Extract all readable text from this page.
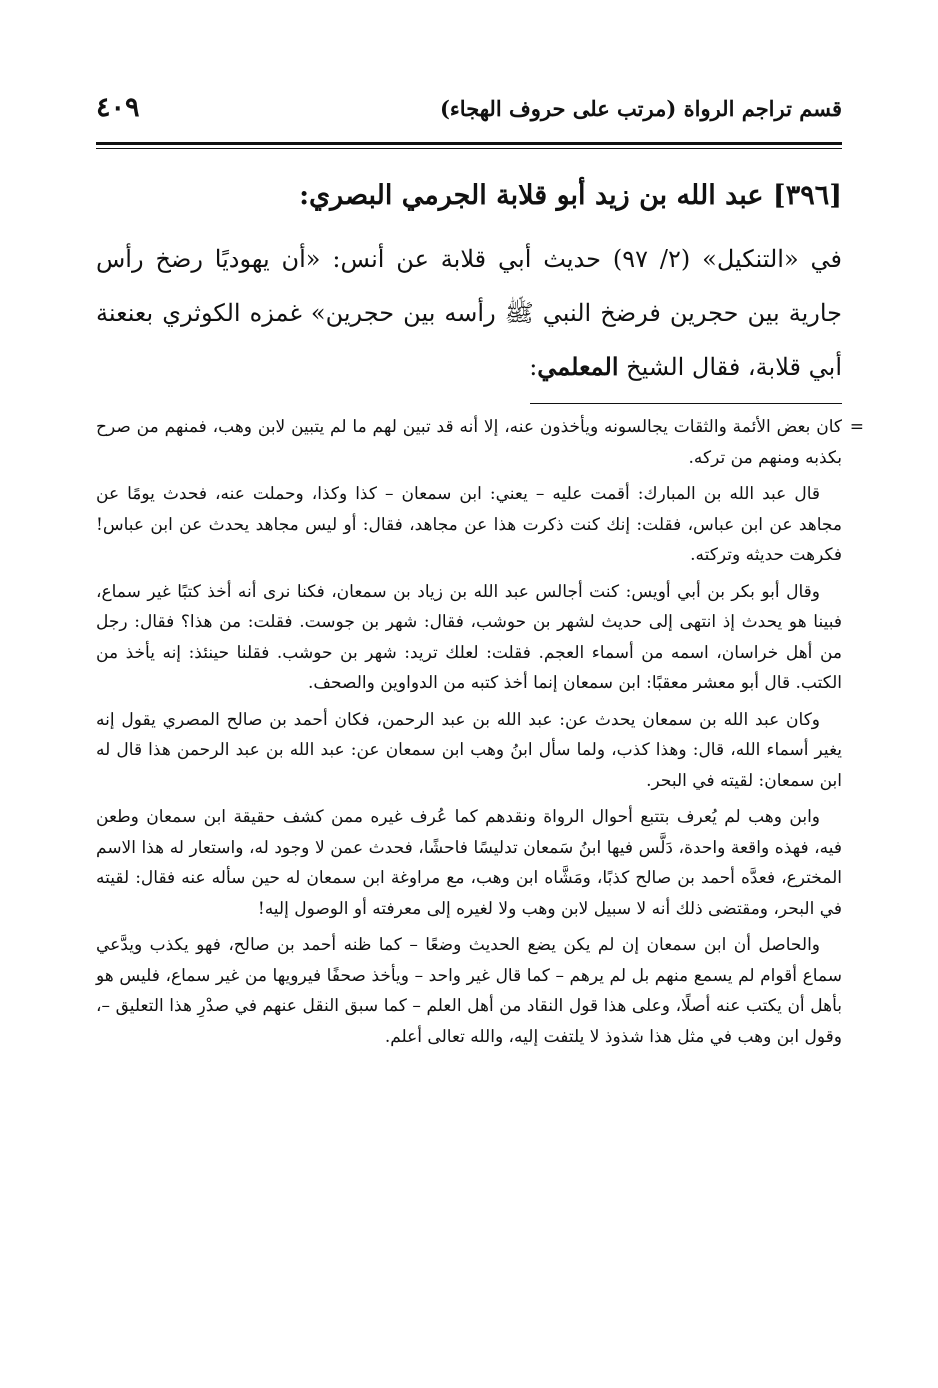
قسم تراجم الرواة (مرتب على حروف الهجاء)
٤٠٩
[٣٩٦] عبد الله بن زيد أبو قلابة الجرمي البصري:
في «التنكيل» (٢/ ٩٧) حديث أبي قلابة عن أنس: «أن يهوديًا رضخ رأس جارية بين حجرين فرضخ النبي ﷺ رأسه بين حجرين» غمزه الكوثري بعنعنة أبي قلابة، فقال الشيخ المعلمي:

=
كان بعض الأئمة والثقات يجالسونه ويأخذون عنه، إلا أنه قد تبين لهم ما لم يتبين لابن وهب، فمنهم من صرح بكذبه ومنهم من تركه.

قال عبد الله بن المبارك: أقمت عليه – يعني: ابن سمعان – كذا وكذا، وحملت عنه، فحدث يومًا عن مجاهد عن ابن عباس، فقلت: إنك كنت ذكرت هذا عن مجاهد، فقال: أو ليس مجاهد يحدث عن ابن عباس! فكرهت حديثه وتركته.

وقال أبو بكر بن أبي أويس: كنت أجالس عبد الله بن زياد بن سمعان، فكنا نرى أنه أخذ كتبًا غير سماع، فبينا هو يحدث إذ انتهى إلى حديث لشهر بن حوشب، فقال: شهر بن جوست. فقلت: من هذا؟ فقال: رجل من أهل خراسان، اسمه من أسماء العجم. فقلت: لعلك تريد: شهر بن حوشب. فقلنا حينئذ: إنه يأخذ من الكتب. قال أبو معشر معقبًا: ابن سمعان إنما أخذ كتبه من الدواوين والصحف.

وكان عبد الله بن سمعان يحدث عن: عبد الله بن عبد الرحمن، فكان أحمد بن صالح المصري يقول إنه يغير أسماء الله، قال: وهذا كذب، ولما سأل ابنُ وهب ابن سمعان عن: عبد الله بن عبد الرحمن هذا قال له ابن سمعان: لقيته في البحر.

وابن وهب لم يُعرف بتتبع أحوال الرواة ونقدهم كما عُرف غيره ممن كشف حقيقة ابن سمعان وطعن فيه، فهذه واقعة واحدة، دَلَّس فيها ابنُ سَمعان تدليسًا فاحشًا، فحدث عمن لا وجود له، واستعار له هذا الاسم المخترع، فعدَّه أحمد بن صالح كذبًا، ومَشَّاه ابن وهب، مع مراوغة ابن سمعان له حين سأله عنه فقال: لقيته في البحر، ومقتضى ذلك أنه لا سبيل لابن وهب ولا لغيره إلى معرفته أو الوصول إليه!

والحاصل أن ابن سمعان إن لم يكن يضع الحديث وضعًا – كما ظنه أحمد بن صالح، فهو يكذب ويدَّعي سماع أقوام لم يسمع منهم بل لم يرهم – كما قال غير واحد – ويأخذ صحفًا فيرويها من غير سماع، فليس هو بأهل أن يكتب عنه أصلًا، وعلى هذا قول النقاد من أهل العلم – كما سبق النقل عنهم في صدْرِ هذا التعليق –، وقول ابن وهب في مثل هذا شذوذ لا يلتفت إليه، والله تعالى أعلم.
